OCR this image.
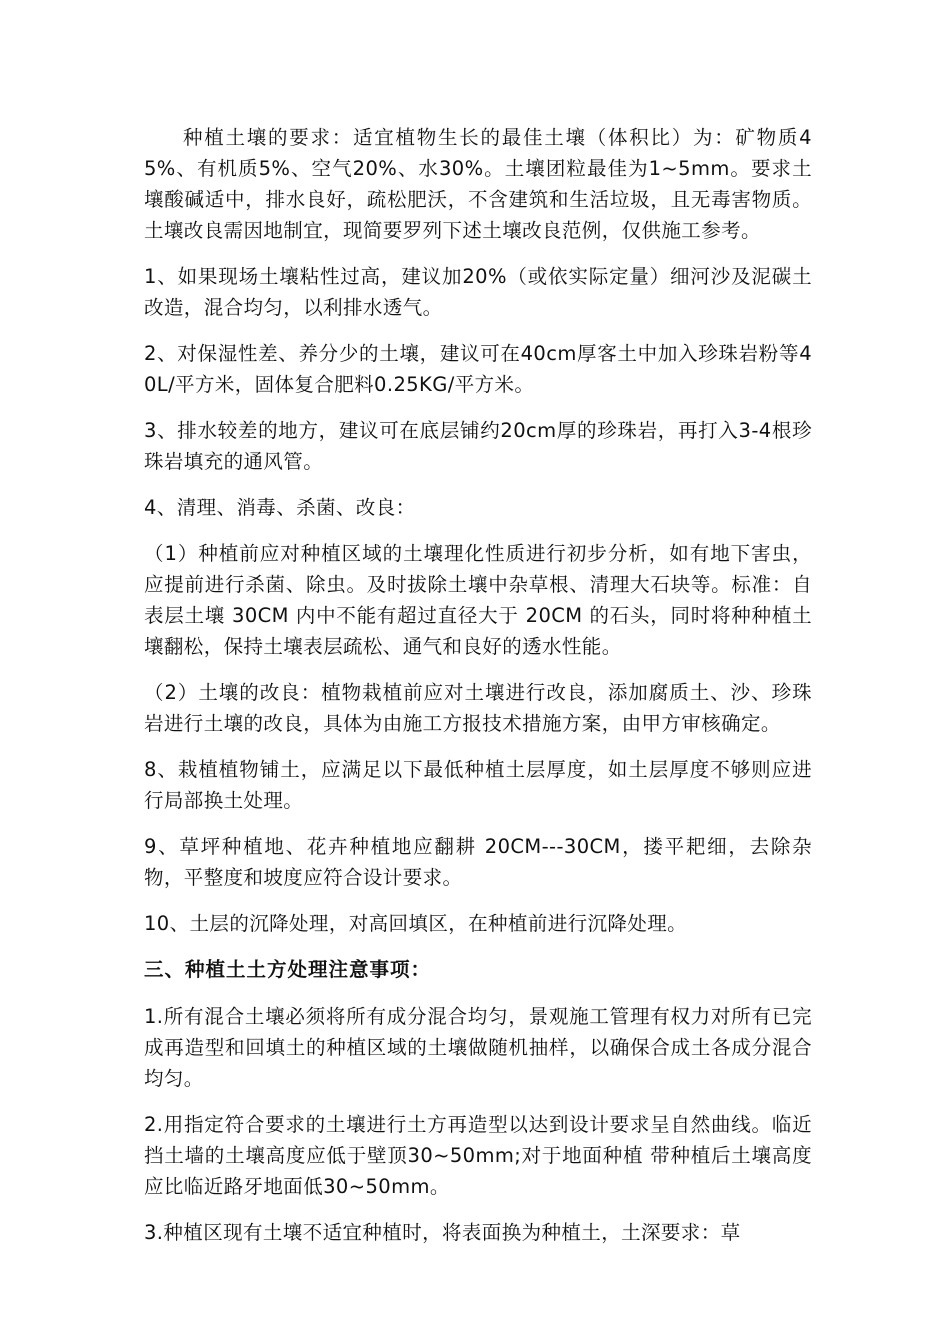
种植土壤的要求：适宜植物生长的最佳土壤（体积比）为：矿物质45%、有机质5%、空气20%、水30%。土壤团粒最佳为1~5mm。要求土壤酸碱适中，排水良好，疏松肥沃，不含建筑和生活垃圾，且无毒害物质。土壤改良需因地制宜，现简要罗列下述土壤改良范例，仅供施工参考。

1、如果现场土壤粘性过高，建议加20%（或依实际定量）细河沙及泥碳土改造，混合均匀，以利排水透气。

2、对保湿性差、养分少的土壤，建议可在40cm厚客土中加入珍珠岩粉等40L/平方米，固体复合肥料0.25KG/平方米。

3、排水较差的地方，建议可在底层铺约20cm厚的珍珠岩，再打入3-4根珍珠岩填充的通风管。

4、清理、消毒、杀菌、改良：

（1）种植前应对种植区域的土壤理化性质进行初步分析，如有地下害虫，应提前进行杀菌、除虫。及时拔除土壤中杂草根、清理大石块等。标准：自表层土壤 30CM 内中不能有超过直径大于 20CM 的石头，同时将种种植土壤翻松，保持土壤表层疏松、通气和良好的透水性能。

（2）土壤的改良：植物栽植前应对土壤进行改良，添加腐质土、沙、珍珠岩进行土壤的改良，具体为由施工方报技术措施方案，由甲方审核确定。

8、栽植植物铺土，应满足以下最低种植土层厚度，如土层厚度不够则应进行局部换土处理。

9、草坪种植地、花卉种植地应翻耕 20CM---30CM，搂平耙细，去除杂物，平整度和坡度应符合设计要求。

10、土层的沉降处理，对高回填区，在种植前进行沉降处理。

三、种植土土方处理注意事项：

1.所有混合土壤必须将所有成分混合均匀，景观施工管理有权力对所有已完成再造型和回填土的种植区域的土壤做随机抽样，以确保合成土各成分混合均匀。

2.用指定符合要求的土壤进行土方再造型以达到设计要求呈自然曲线。临近挡土墙的土壤高度应低于壁顶30~50mm;对于地面种植 带种植后土壤高度应比临近路牙地面低30~50mm。

3.种植区现有土壤不适宜种植时，将表面换为种植土，土深要求：草
